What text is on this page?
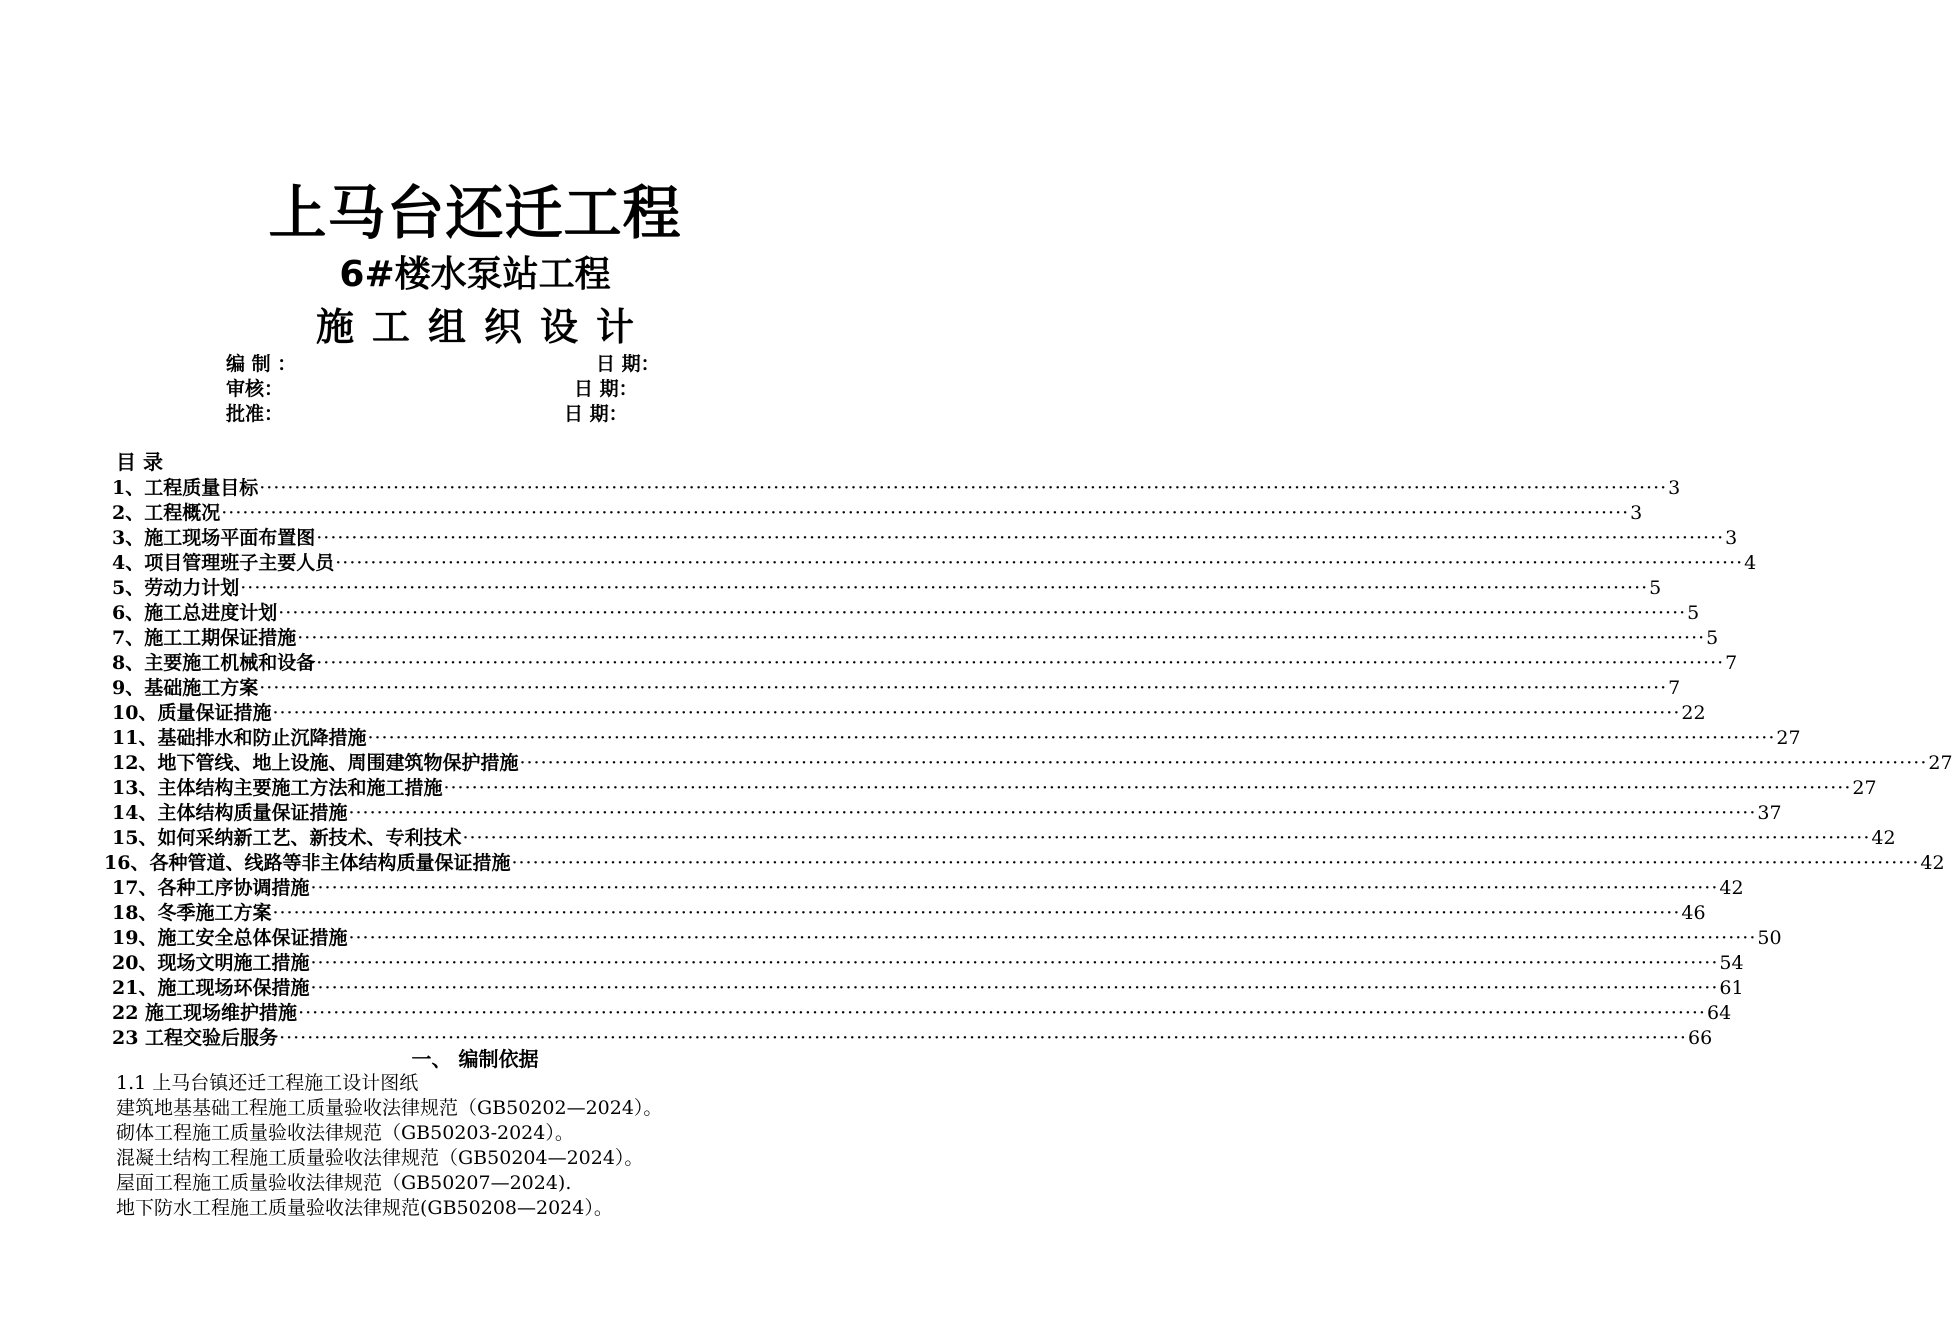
上马台还迁工程
6#楼水泵站工程
施工组织设计
编 制 ：	日 期：
审核：	日 期：
批准：	日 期：
目 录
1、工程质量目标 ········································································································································································································ 3
2、工程概况 ········································································································································································································ 3
3、施工现场平面布置图 ········································································································································································································ 3
4、项目管理班子主要人员 ········································································································································································································ 4
5、劳动力计划 ········································································································································································································ 5
6、施工总进度计划 ········································································································································································································ 5
7、施工工期保证措施 ········································································································································································································ 5
8、主要施工机械和设备 ········································································································································································································ 7
9、基础施工方案 ········································································································································································································ 7
10、质量保证措施 ········································································································································································································ 22
11、基础排水和防止沉降措施 ········································································································································································································ 27
12、地下管线、地上设施、周围建筑物保护措施 ········································································································································································································ 27
13、主体结构主要施工方法和施工措施 ········································································································································································································ 27
14、主体结构质量保证措施 ········································································································································································································ 37
15、如何采纳新工艺、新技术、专利技术 ········································································································································································································ 42
16、各种管道、线路等非主体结构质量保证措施 ········································································································································································································ 42
17、各种工序协调措施 ········································································································································································································ 42
18、冬季施工方案 ········································································································································································································ 46
19、施工安全总体保证措施 ········································································································································································································ 50
20、现场文明施工措施 ········································································································································································································ 54
21、施工现场环保措施 ········································································································································································································ 61
22 施工现场维护措施 ········································································································································································································ 64
23 工程交验后服务 ········································································································································································································ 66
一、 编制依据
1.1 上马台镇还迁工程施工设计图纸
建筑地基基础工程施工质量验收法律规范（GB50202—2024）。
砌体工程施工质量验收法律规范（GB50203-2024）。
混凝土结构工程施工质量验收法律规范（GB50204—2024）。
屋面工程施工质量验收法律规范（GB50207—2024).
地下防水工程施工质量验收法律规范(GB50208—2024）。
